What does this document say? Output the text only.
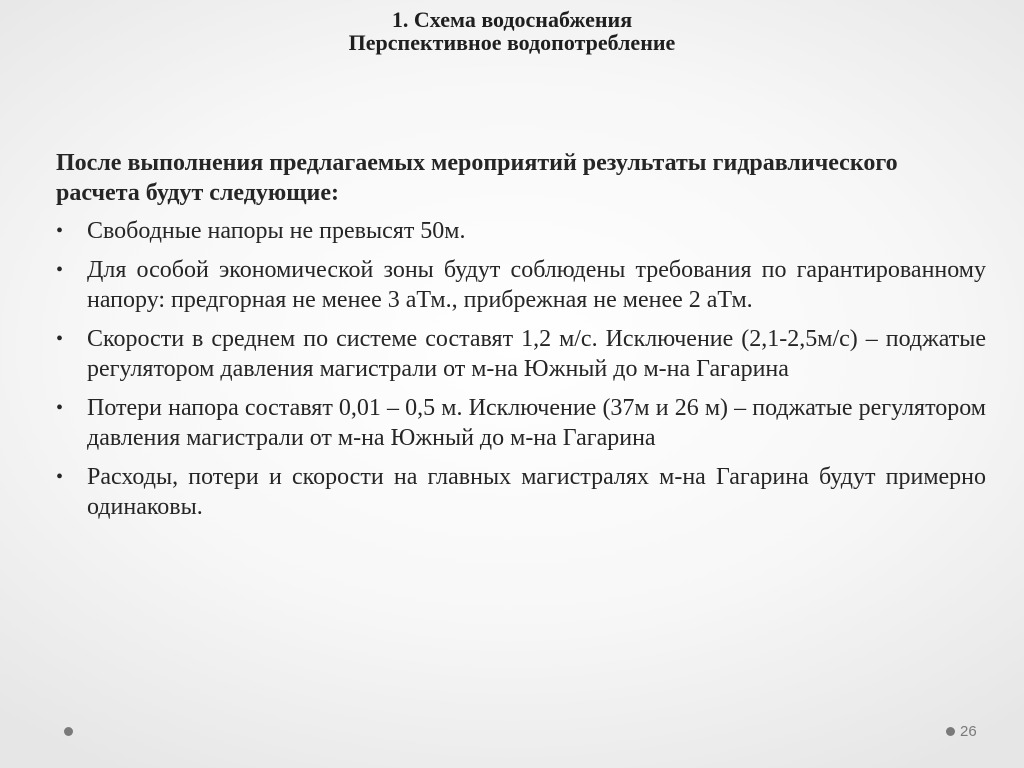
1. Схема водоснабжения
Перспективное водопотребление

После выполнения предлагаемых мероприятий результаты гидравлического расчета будут следующие:

• Свободные напоры не превысят 50м.
• Для особой экономической зоны будут соблюдены требования по гарантированному напору: предгорная не менее 3 аТм., прибрежная не менее 2 аТм.
• Скорости в среднем по системе составят 1,2 м/с. Исключение (2,1-2,5м/с) – поджатые регулятором давления магистрали от м-на Южный до м-на Гагарина
• Потери напора составят 0,01 – 0,5 м. Исключение (37м и 26 м) – поджатые регулятором давления магистрали от м-на Южный до м-на Гагарина
• Расходы, потери и скорости на главных магистралях м-на Гагарина будут примерно одинаковы.
26
